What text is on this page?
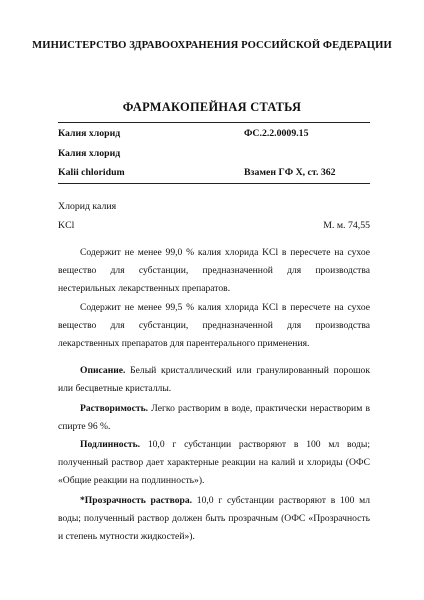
МИНИСТЕРСТВО ЗДРАВООХРАНЕНИЯ РОССИЙСКОЙ ФЕДЕРАЦИИ
ФАРМАКОПЕЙНАЯ СТАТЬЯ
Калия хлорид	ФС.2.2.0009.15
Калия хлорид
Kalii chloridum	Взамен ГФ X, ст. 362
Хлорид калия
KCl	М. м. 74,55

Содержит не менее 99,0 % калия хлорида KCl в пересчете на сухое вещество для субстанции, предназначенной для производства нестерильных лекарственных препаратов.

Содержит не менее 99,5 % калия хлорида KCl в пересчете на сухое вещество для субстанции, предназначенной для производства лекарственных препаратов для парентерального применения.

Описание. Белый кристаллический или гранулированный порошок или бесцветные кристаллы.

Растворимость. Легко растворим в воде, практически нерастворим в спирте 96 %.

Подлинность. 10,0 г субстанции растворяют в 100 мл воды; полученный раствор дает характерные реакции на калий и хлориды (ОФС «Общие реакции на подлинность»).

*Прозрачность раствора. 10,0 г субстанции растворяют в 100 мл воды; полученный раствор должен быть прозрачным (ОФС «Прозрачность и степень мутности жидкостей»).
